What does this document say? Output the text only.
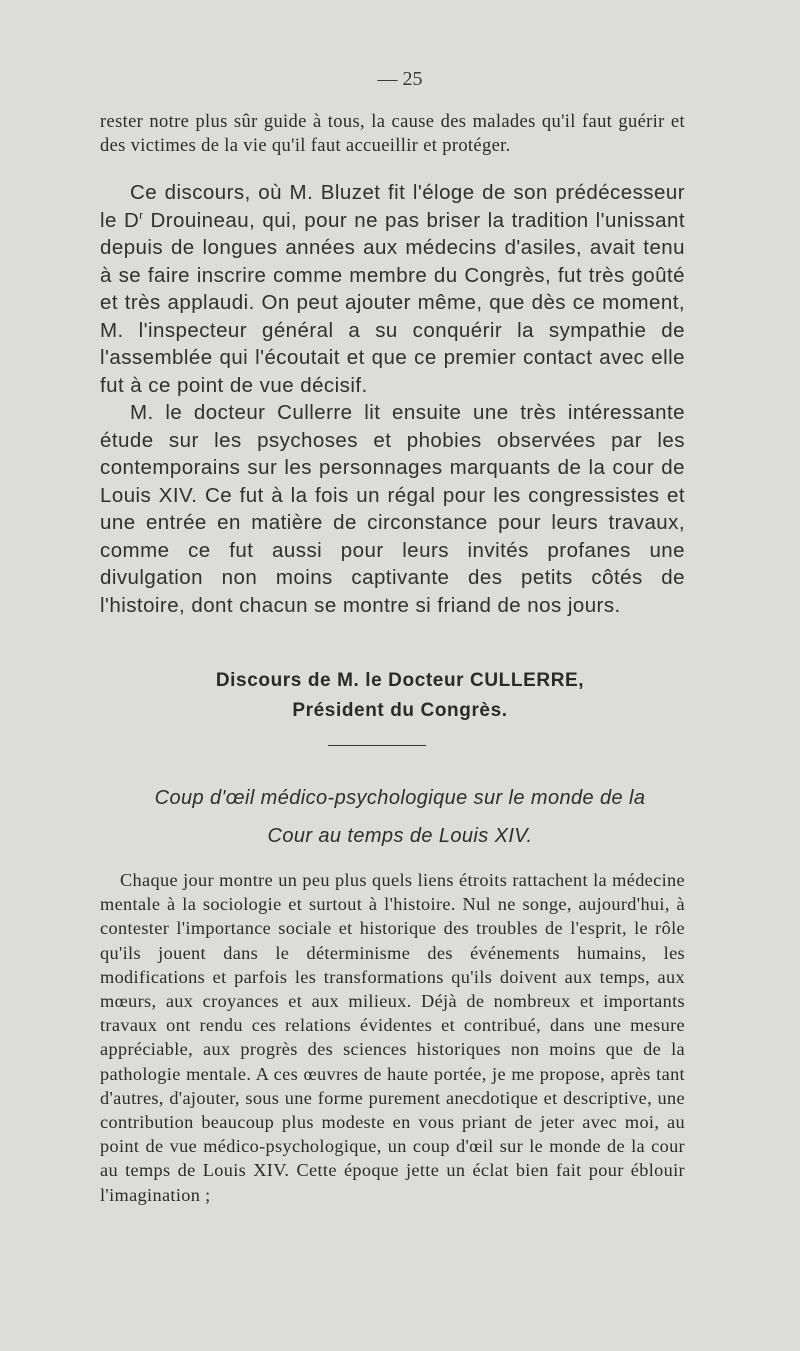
— 25
rester notre plus sûr guide à tous, la cause des malades qu'il faut guérir et des victimes de la vie qu'il faut accueillir et protéger.

Ce discours, où M. Bluzet fit l'éloge de son prédécesseur le $D^r$ Drouineau, qui, pour ne pas briser la tradition l'unissant depuis de longues années aux médecins d'asiles, avait tenu à se faire inscrire comme membre du Congrès, fut très goûté et très applaudi. On peut ajouter même, que dès ce moment, M. l'inspecteur général a su conquérir la sympathie de l'assemblée qui l'écoutait et que ce premier contact avec elle fut à ce point de vue décisif.

M. le docteur Cullerre lit ensuite une très intéressante étude sur les psychoses et phobies observées par les contemporains sur les personnages marquants de la cour de Louis XIV. Ce fut à la fois un régal pour les congressistes et une entrée en matière de circonstance pour leurs travaux, comme ce fut aussi pour leurs invités profanes une divulgation non moins captivante des petits côtés de l'histoire, dont chacun se montre si friand de nos jours.

Discours de M. le Docteur CULLERRE,
Président du Congrès.
Coup d'œil médico-psychologique sur le monde de la
Cour au temps de Louis XIV.
Chaque jour montre un peu plus quels liens étroits rattachent la médecine mentale à la sociologie et surtout à l'histoire. Nul ne songe, aujourd'hui, à contester l'importance sociale et historique des troubles de l'esprit, le rôle qu'ils jouent dans le déterminisme des événements humains, les modifications et parfois les transformations qu'ils doivent aux temps, aux mœurs, aux croyances et aux milieux. Déjà de nombreux et importants travaux ont rendu ces relations évidentes et contribué, dans une mesure appréciable, aux progrès des sciences historiques non moins que de la pathologie mentale. A ces œuvres de haute portée, je me propose, après tant d'autres, d'ajouter, sous une forme purement anecdotique et descriptive, une contribution beaucoup plus modeste en vous priant de jeter avec moi, au point de vue médico-psychologique, un coup d'œil sur le monde de la cour au temps de Louis XIV. Cette époque jette un éclat bien fait pour éblouir l'imagination ;
